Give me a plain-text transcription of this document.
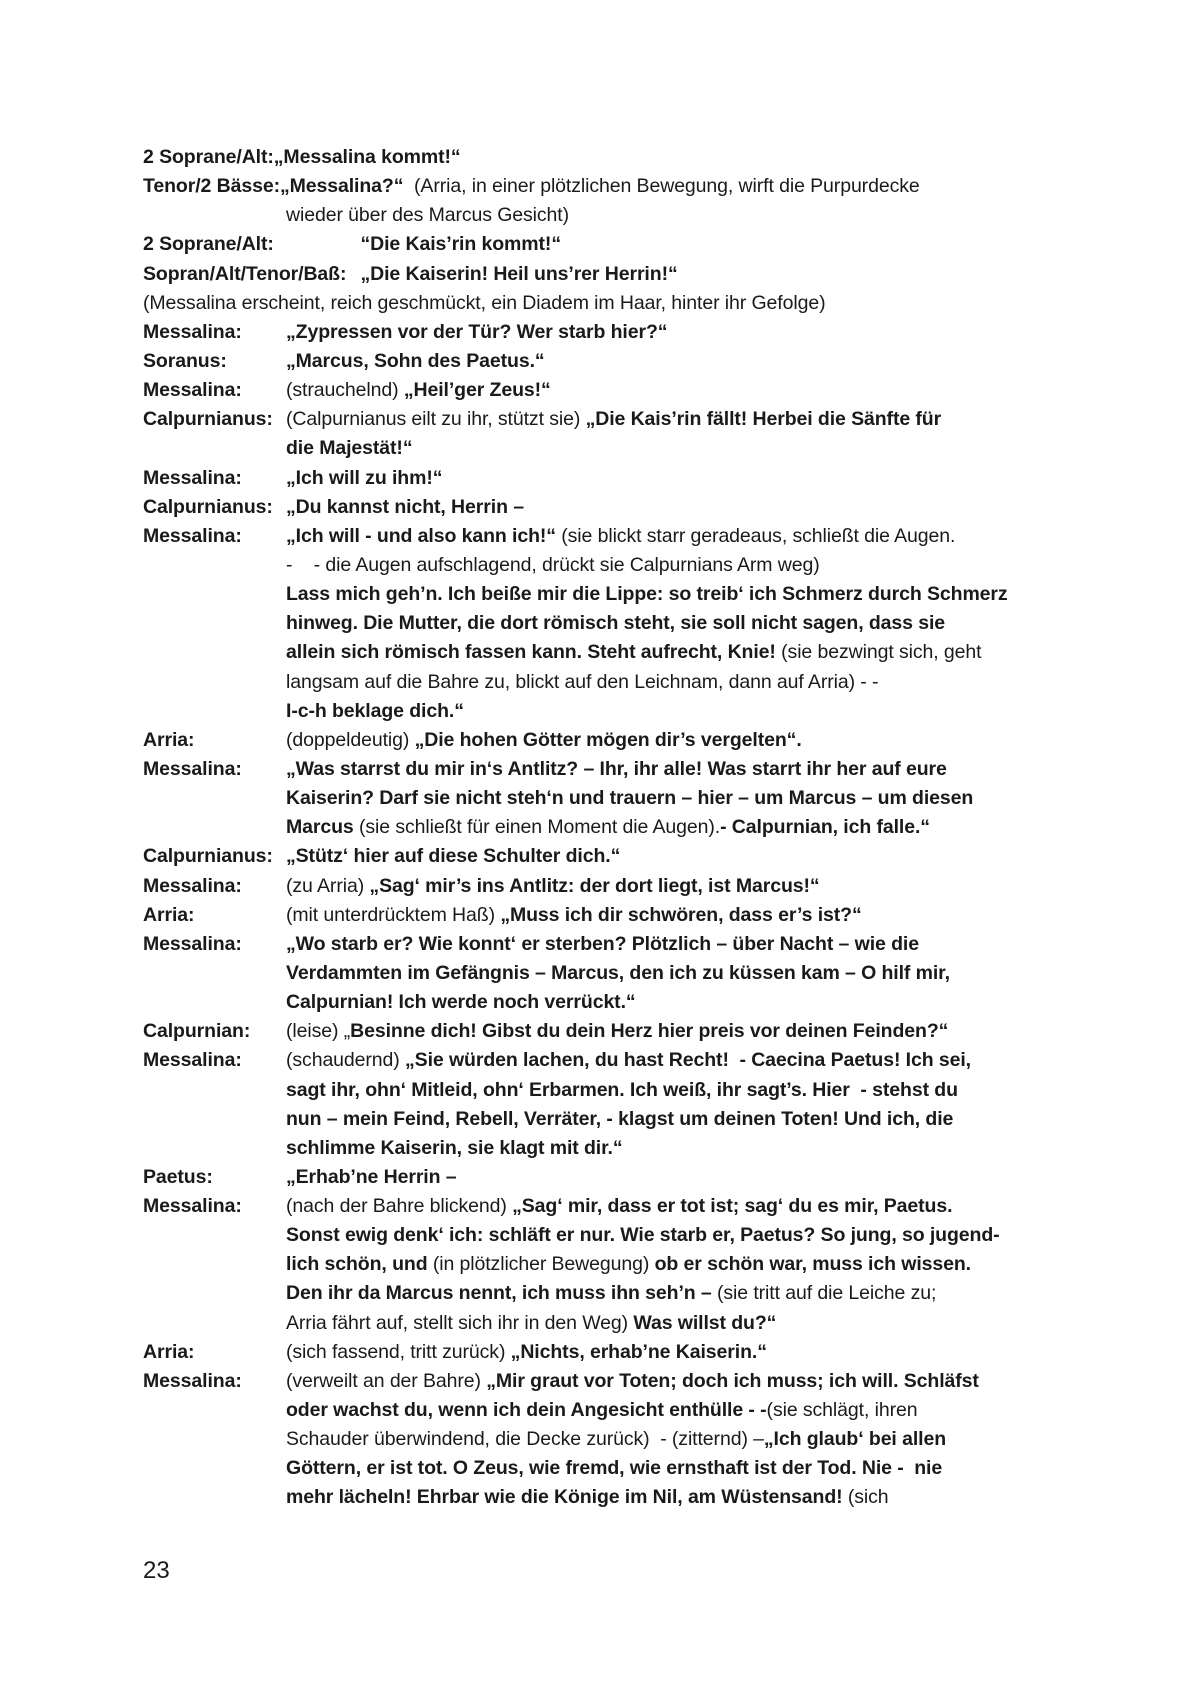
2 Soprane/Alt:„Messalina kommt!“
Tenor/2 Bässe:„Messalina?“  (Arria, in einer plötzlichen Bewegung, wirft die Purpurdecke
wieder über des Marcus Gesicht)
2 Soprane/Alt: “Die Kais’rin kommt!“
Sopran/Alt/Tenor/Baß:
„Die Kaiserin! Heil uns’rer Herrin!“
(Messalina erscheint, reich geschmückt, ein Diadem im Haar, hinter ihr Gefolge)
Messalina: „Zypressen vor der Tür? Wer starb hier?“
Soranus:	„Marcus, Sohn des Paetus.“
Messalina: (strauchelnd) „Heil’ger Zeus!“
Calpurnianus: (Calpurnianus eilt zu ihr, stützt sie) „Die Kais’rin fällt! Herbei die Sänfte für
die Majestät!“
Messalina: „Ich will zu ihm!“
Calpurnianus: „Du kannst nicht, Herrin –
Messalina: „Ich will - und also kann ich!“ (sie blickt starr geradeaus, schließt die Augen.
-    - die Augen aufschlagend, drückt sie Calpurnians Arm weg)
Lass mich geh’n. Ich beiße mir die Lippe: so treib‘ ich Schmerz durch Schmerz
hinweg. Die Mutter, die dort römisch steht, sie soll nicht sagen, dass sie
allein sich römisch fassen kann. Steht aufrecht, Knie! (sie bezwingt sich, geht
langsam auf die Bahre zu, blickt auf den Leichnam, dann auf Arria) - -
I-c-h beklage dich.“
Arria:	(doppeldeutig) „Die hohen Götter mögen dir’s vergelten“.
Messalina: „Was starrst du mir in‘s Antlitz? – Ihr, ihr alle! Was starrt ihr her auf eure
Kaiserin? Darf sie nicht steh‘n und trauern – hier – um Marcus – um diesen
Marcus (sie schließt für einen Moment die Augen).- Calpurnian, ich falle.“
Calpurnianus: „Stütz‘ hier auf diese Schulter dich.“
Messalina: (zu Arria) „Sag‘ mir’s ins Antlitz: der dort liegt, ist Marcus!“
Arria:	(mit unterdrücktem Haß) „Muss ich dir schwören, dass er’s ist?“
Messalina: „Wo starb er? Wie konnt‘ er sterben? Plötzlich – über Nacht – wie die
Verdammten im Gefängnis – Marcus, den ich zu küssen kam – O hilf mir,
Calpurnian! Ich werde noch verrückt.“
Calpurnian: (leise) „Besinne dich! Gibst du dein Herz hier preis vor deinen Feinden?“
Messalina: (schaudernd) „Sie würden lachen, du hast Recht!  - Caecina Paetus! Ich sei,
sagt ihr, ohn‘ Mitleid, ohn‘ Erbarmen. Ich weiß, ihr sagt’s. Hier  - stehst du
nun – mein Feind, Rebell, Verräter, - klagst um deinen Toten! Und ich, die
schlimme Kaiserin, sie klagt mit dir.“
Paetus:	„Erhab’ne Herrin –
Messalina: (nach der Bahre blickend) „Sag‘ mir, dass er tot ist; sag‘ du es mir, Paetus.
Sonst ewig denk‘ ich: schläft er nur. Wie starb er, Paetus? So jung, so jugend-
lich schön, und (in plötzlicher Bewegung) ob er schön war, muss ich wissen.
Den ihr da Marcus nennt, ich muss ihn seh’n – (sie tritt auf die Leiche zu;
Arria fährt auf, stellt sich ihr in den Weg) Was willst du?“
Arria:	(sich fassend, tritt zurück) „Nichts, erhab’ne Kaiserin.“
Messalina: (verweilt an der Bahre) „Mir graut vor Toten; doch ich muss; ich will. Schläfst
oder wachst du, wenn ich dein Angesicht enthülle - -(sie schlägt, ihren
Schauder überwindend, die Decke zurück)  - (zitternd) –„Ich glaub‘ bei allen
Göttern, er ist tot. O Zeus, wie fremd, wie ernsthaft ist der Tod. Nie -  nie
mehr lächeln! Ehrbar wie die Könige im Nil, am Wüstensand! (sich
23
